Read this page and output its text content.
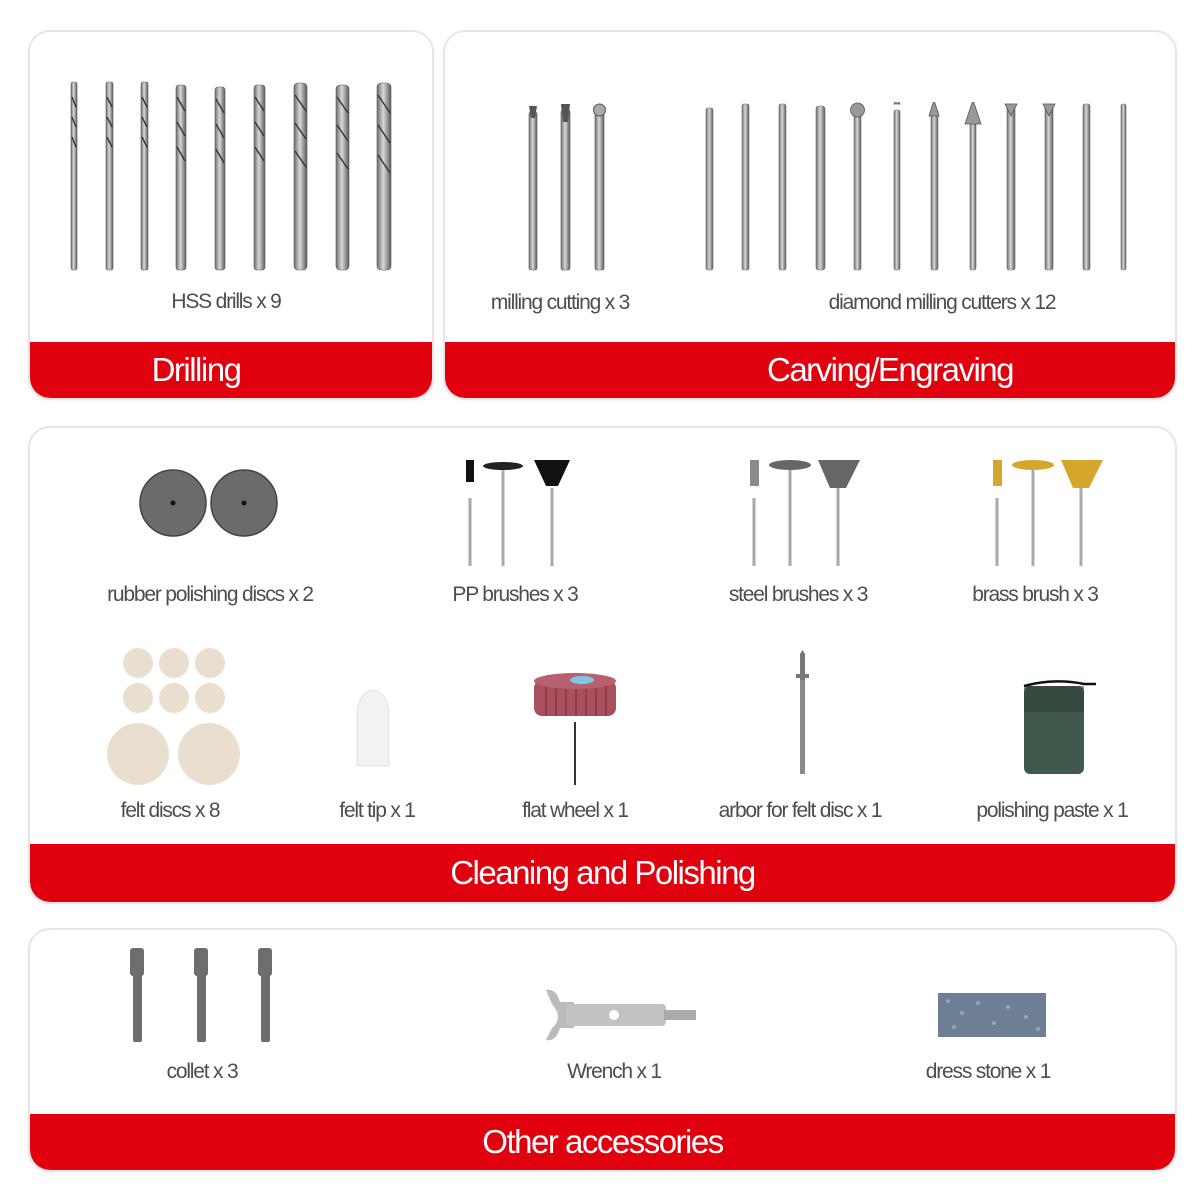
HSS drills x 9
Drilling
milling cutting x 3	diamond milling cutters x 12
Carving/Engraving
rubber polishing discs x 2	PP brushes x 3	steel brushes x 3	brass brush x 3
felt discs x 8	felt tip x 1	flat wheel x 1	arbor for felt disc x 1	polishing paste x 1
Cleaning and Polishing
collet x 3	Wrench x 1	dress stone x 1
Other accessories
